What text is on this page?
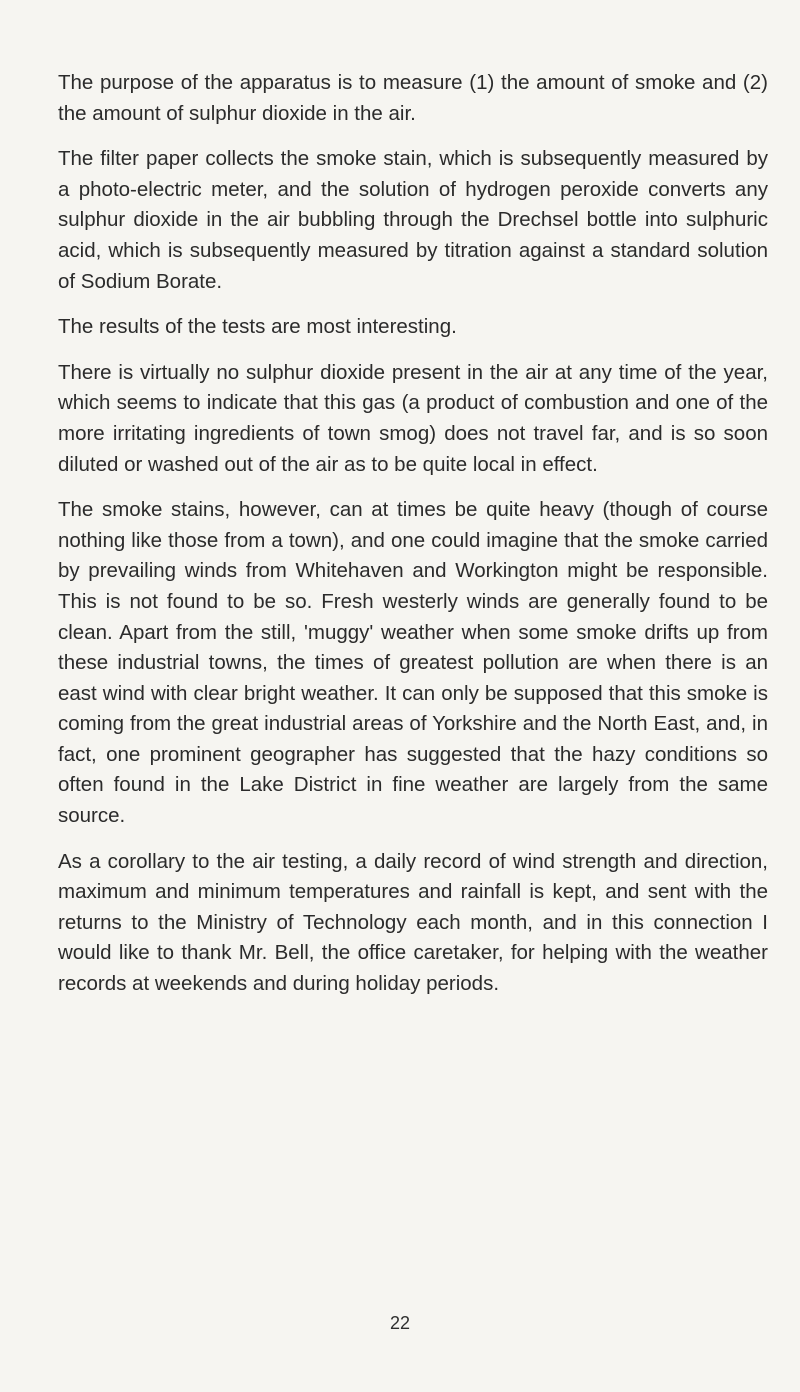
The purpose of the apparatus is to measure (1) the amount of smoke and (2) the amount of sulphur dioxide in the air.

The filter paper collects the smoke stain, which is subsequently measured by a photo-electric meter, and the solution of hydrogen peroxide converts any sulphur dioxide in the air bubbling through the Drechsel bottle into sulphuric acid, which is subsequently measured by titration against a standard solution of Sodium Borate.

The results of the tests are most interesting.

There is virtually no sulphur dioxide present in the air at any time of the year, which seems to indicate that this gas (a product of combustion and one of the more irritating ingredients of town smog) does not travel far, and is so soon diluted or washed out of the air as to be quite local in effect.

The smoke stains, however, can at times be quite heavy (though of course nothing like those from a town), and one could imagine that the smoke carried by prevailing winds from Whitehaven and Workington might be responsible. This is not found to be so. Fresh westerly winds are generally found to be clean. Apart from the still, 'muggy' weather when some smoke drifts up from these industrial towns, the times of greatest pollution are when there is an east wind with clear bright weather. It can only be supposed that this smoke is coming from the great industrial areas of Yorkshire and the North East, and, in fact, one prominent geographer has suggested that the hazy conditions so often found in the Lake District in fine weather are largely from the same source.

As a corollary to the air testing, a daily record of wind strength and direction, maximum and minimum temperatures and rainfall is kept, and sent with the returns to the Ministry of Technology each month, and in this connection I would like to thank Mr. Bell, the office caretaker, for helping with the weather records at weekends and during holiday periods.

22
